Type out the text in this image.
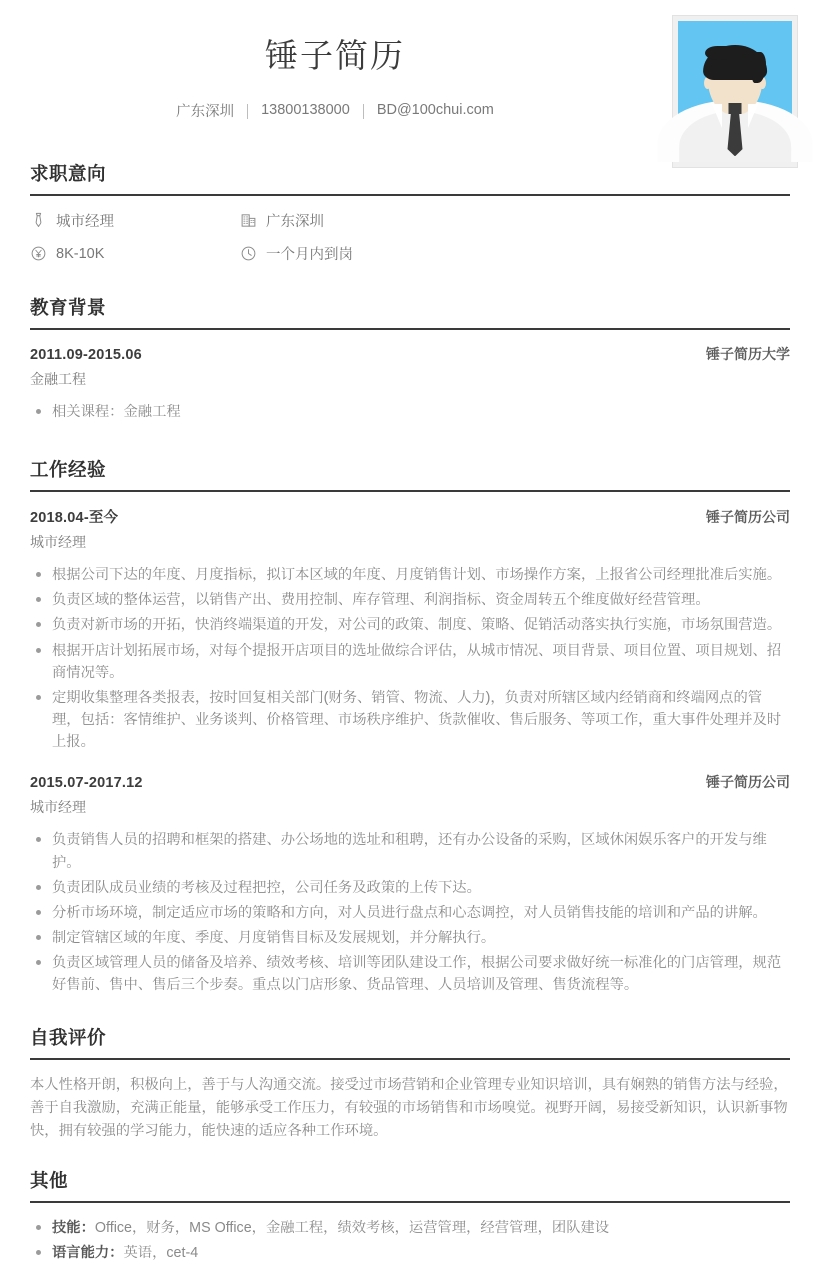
锤子简历
广东深圳 13800138000 BD@100chui.com
求职意向
城市经理	广东深圳
8K-10K	一个月内到岗
教育背景
2011.09-2015.06	锤子简历大学
金融工程
相关课程：金融工程
工作经验
2018.04-至今	锤子简历公司
城市经理
根据公司下达的年度、月度指标，拟订本区域的年度、月度销售计划、市场操作方案，上报省公司经理批准后实施。
负责区域的整体运营，以销售产出、费用控制、库存管理、利润指标、资金周转五个维度做好经营管理。
负责对新市场的开拓，快消终端渠道的开发，对公司的政策、制度、策略、促销活动落实执行实施，市场氛围营造。
根据开店计划拓展市场，对每个提报开店项目的选址做综合评估，从城市情况、项目背景、项目位置、项目规划、招商情况等。
定期收集整理各类报表，按时回复相关部门(财务、销管、物流、人力)，负责对所辖区域内经销商和终端网点的管理，包括：客情维护、业务谈判、价格管理、市场秩序维护、货款催收、售后服务、等项工作，重大事件处理并及时上报。
2015.07-2017.12	锤子简历公司
城市经理
负责销售人员的招聘和框架的搭建、办公场地的选址和租聘，还有办公设备的采购，区域休闲娱乐客户的开发与维护。
负责团队成员业绩的考核及过程把控，公司任务及政策的上传下达。
分析市场环境，制定适应市场的策略和方向，对人员进行盘点和心态调控，对人员销售技能的培训和产品的讲解。
制定管辖区域的年度、季度、月度销售目标及发展规划，并分解执行。
负责区域管理人员的储备及培养、绩效考核、培训等团队建设工作，根据公司要求做好统一标准化的门店管理，规范好售前、售中、售后三个步奏。重点以门店形象、货品管理、人员培训及管理、售货流程等。
自我评价

本人性格开朗，积极向上，善于与人沟通交流。接受过市场营销和企业管理专业知识培训，具有娴熟的销售方法与经验，善于自我激励，充满正能量，能够承受工作压力，有较强的市场销售和市场嗅觉。视野开阔，易接受新知识，认识新事物快，拥有较强的学习能力，能快速的适应各种工作环境。

其他
技能：Office，财务，MS Office，金融工程，绩效考核，运营管理，经营管理，团队建设
语言能力：英语，cet-4
